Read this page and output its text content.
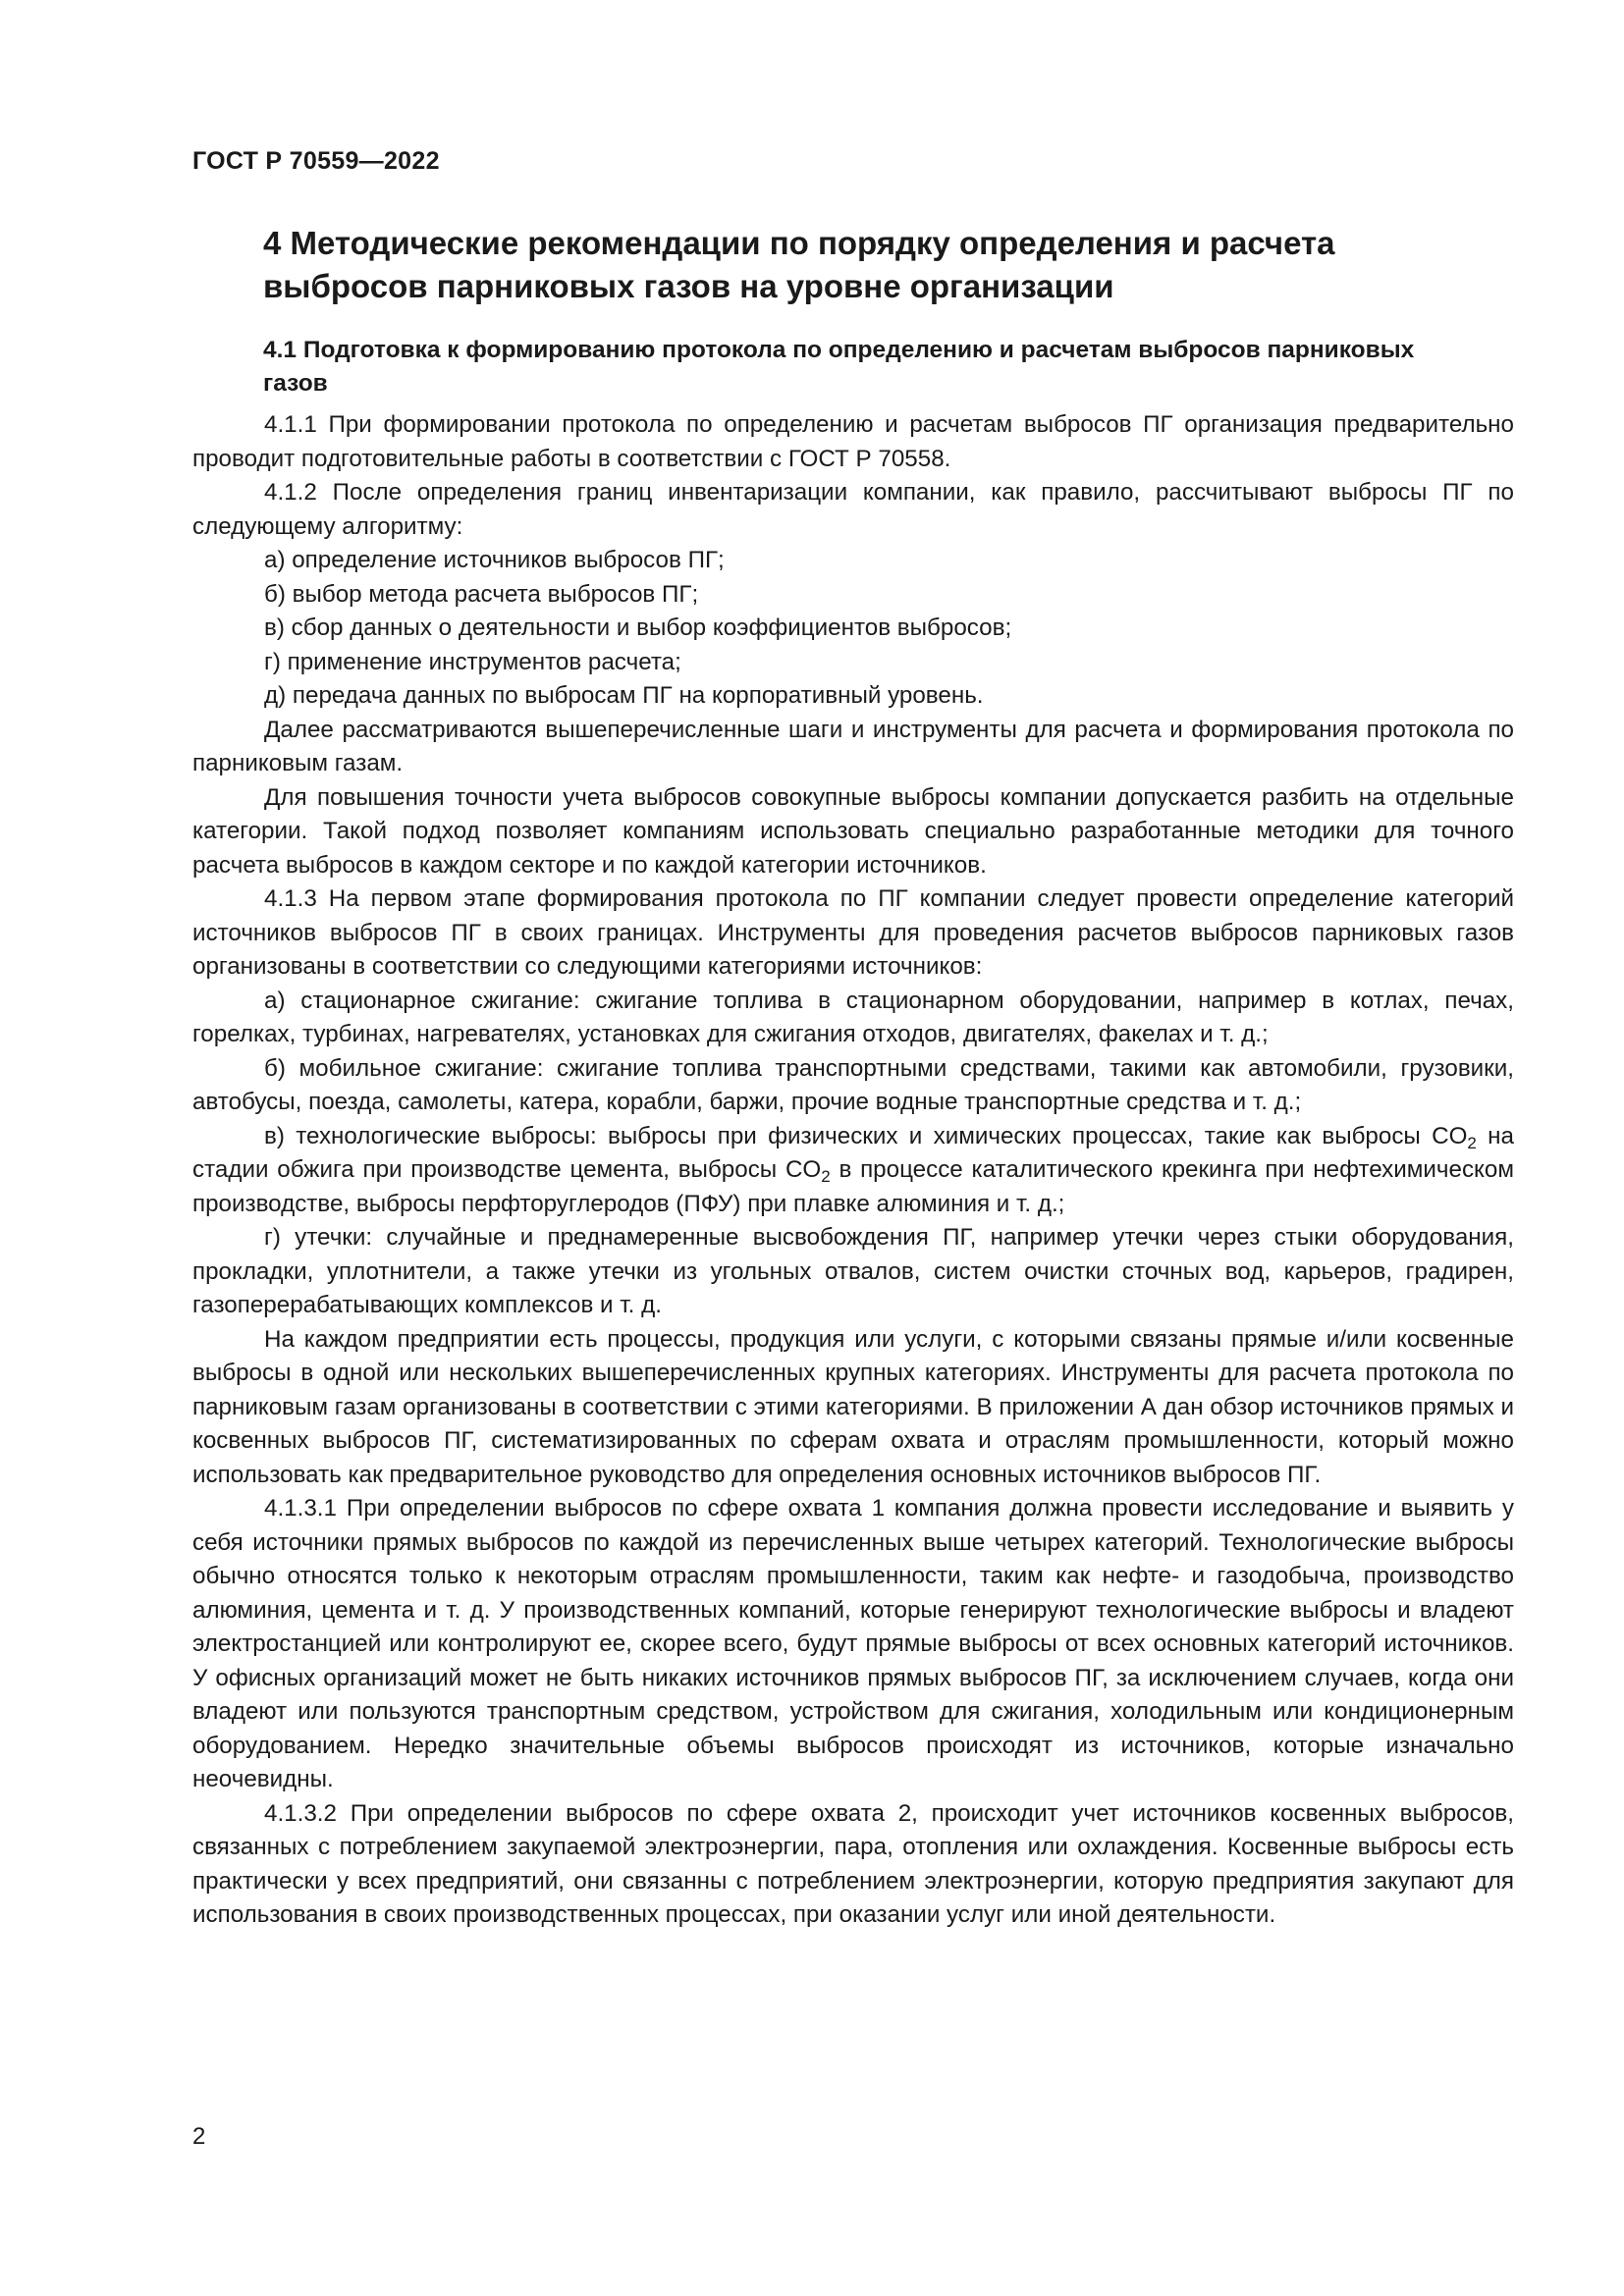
ГОСТ Р 70559—2022
4 Методические рекомендации по порядку определения и расчета выбросов парниковых газов на уровне организации
4.1 Подготовка к формированию протокола по определению и расчетам выбросов парниковых газов

4.1.1 При формировании протокола по определению и расчетам выбросов ПГ организация предварительно проводит подготовительные работы в соответствии с ГОСТ Р 70558.

4.1.2 После определения границ инвентаризации компании, как правило, рассчитывают выбросы ПГ по следующему алгоритму:

а) определение источников выбросов ПГ;

б) выбор метода расчета выбросов ПГ;

в) сбор данных о деятельности и выбор коэффициентов выбросов;

г) применение инструментов расчета;

д) передача данных по выбросам ПГ на корпоративный уровень.

Далее рассматриваются вышеперечисленные шаги и инструменты для расчета и формирования протокола по парниковым газам.

Для повышения точности учета выбросов совокупные выбросы компании допускается разбить на отдельные категории. Такой подход позволяет компаниям использовать специально разработанные методики для точного расчета выбросов в каждом секторе и по каждой категории источников.

4.1.3 На первом этапе формирования протокола по ПГ компании следует провести определение категорий источников выбросов ПГ в своих границах. Инструменты для проведения расчетов выбросов парниковых газов организованы в соответствии со следующими категориями источников:

а) стационарное сжигание: сжигание топлива в стационарном оборудовании, например в котлах, печах, горелках, турбинах, нагревателях, установках для сжигания отходов, двигателях, факелах и т. д.;

б) мобильное сжигание: сжигание топлива транспортными средствами, такими как автомобили, грузовики, автобусы, поезда, самолеты, катера, корабли, баржи, прочие водные транспортные средства и т. д.;

в) технологические выбросы: выбросы при физических и химических процессах, такие как выбросы $CO_2$ на стадии обжига при производстве цемента, выбросы $CO_2$ в процессе каталитического крекинга при нефтехимическом производстве, выбросы перфторуглеродов (ПФУ) при плавке алюминия и т. д.;

г) утечки: случайные и преднамеренные высвобождения ПГ, например утечки через стыки оборудования, прокладки, уплотнители, а также утечки из угольных отвалов, систем очистки сточных вод, карьеров, градирен, газоперерабатывающих комплексов и т. д.

На каждом предприятии есть процессы, продукция или услуги, с которыми связаны прямые и/или косвенные выбросы в одной или нескольких вышеперечисленных крупных категориях. Инструменты для расчета протокола по парниковым газам организованы в соответствии с этими категориями. В приложении А дан обзор источников прямых и косвенных выбросов ПГ, систематизированных по сферам охвата и отраслям промышленности, который можно использовать как предварительное руководство для определения основных источников выбросов ПГ.

4.1.3.1 При определении выбросов по сфере охвата 1 компания должна провести исследование и выявить у себя источники прямых выбросов по каждой из перечисленных выше четырех категорий. Технологические выбросы обычно относятся только к некоторым отраслям промышленности, таким как нефте- и газодобыча, производство алюминия, цемента и т. д. У производственных компаний, которые генерируют технологические выбросы и владеют электростанцией или контролируют ее, скорее всего, будут прямые выбросы от всех основных категорий источников. У офисных организаций может не быть никаких источников прямых выбросов ПГ, за исключением случаев, когда они владеют или пользуются транспортным средством, устройством для сжигания, холодильным или кондиционерным оборудованием. Нередко значительные объемы выбросов происходят из источников, которые изначально неочевидны.

4.1.3.2 При определении выбросов по сфере охвата 2, происходит учет источников косвенных выбросов, связанных с потреблением закупаемой электроэнергии, пара, отопления или охлаждения. Косвенные выбросы есть практически у всех предприятий, они связанны с потреблением электроэнергии, которую предприятия закупают для использования в своих производственных процессах, при оказании услуг или иной деятельности.

2
